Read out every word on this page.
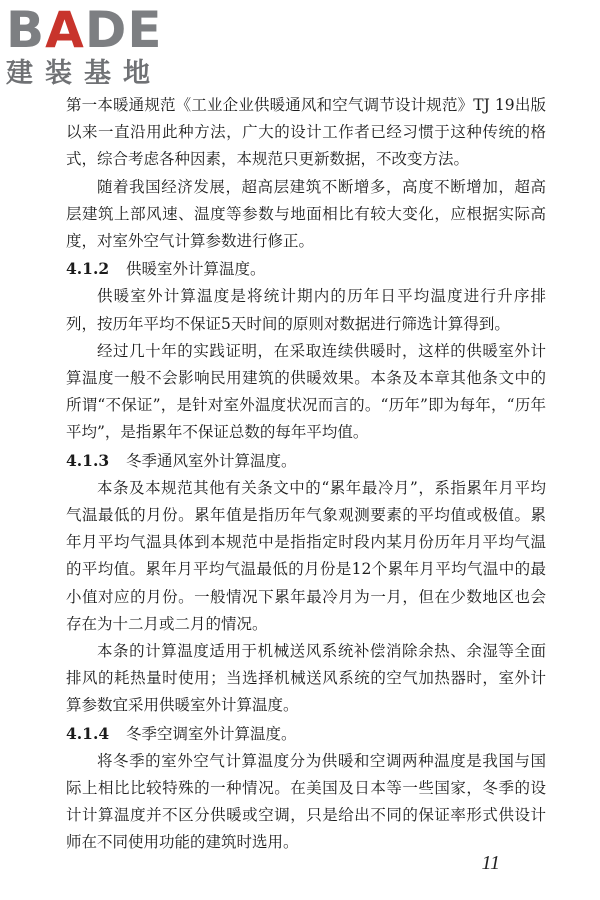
BADE
建装基地

第一本暖通规范《工业企业供暖通风和空气调节设计规范》TJ 19出版以来一直沿用此种方法，广大的设计工作者已经习惯于这种传统的格式，综合考虑各种因素，本规范只更新数据，不改变方法。

随着我国经济发展，超高层建筑不断增多，高度不断增加，超高层建筑上部风速、温度等参数与地面相比有较大变化，应根据实际高度，对室外空气计算参数进行修正。

4.1.2 供暖室外计算温度。

供暖室外计算温度是将统计期内的历年日平均温度进行升序排列，按历年平均不保证5天时间的原则对数据进行筛选计算得到。

经过几十年的实践证明，在采取连续供暖时，这样的供暖室外计算温度一般不会影响民用建筑的供暖效果。本条及本章其他条文中的所谓“不保证”，是针对室外温度状况而言的。“历年”即为每年，“历年平均”，是指累年不保证总数的每年平均值。

4.1.3 冬季通风室外计算温度。

本条及本规范其他有关条文中的“累年最冷月”，系指累年月平均气温最低的月份。累年值是指历年气象观测要素的平均值或极值。累年月平均气温具体到本规范中是指指定时段内某月份历年月平均气温的平均值。累年月平均气温最低的月份是12个累年月平均气温中的最小值对应的月份。一般情况下累年最冷月为一月，但在少数地区也会存在为十二月或二月的情况。

本条的计算温度适用于机械送风系统补偿消除余热、余湿等全面排风的耗热量时使用；当选择机械送风系统的空气加热器时，室外计算参数宜采用供暖室外计算温度。

4.1.4 冬季空调室外计算温度。

将冬季的室外空气计算温度分为供暖和空调两种温度是我国与国际上相比比较特殊的一种情况。在美国及日本等一些国家，冬季的设计计算温度并不区分供暖或空调，只是给出不同的保证率形式供设计师在不同使用功能的建筑时选用。

11
